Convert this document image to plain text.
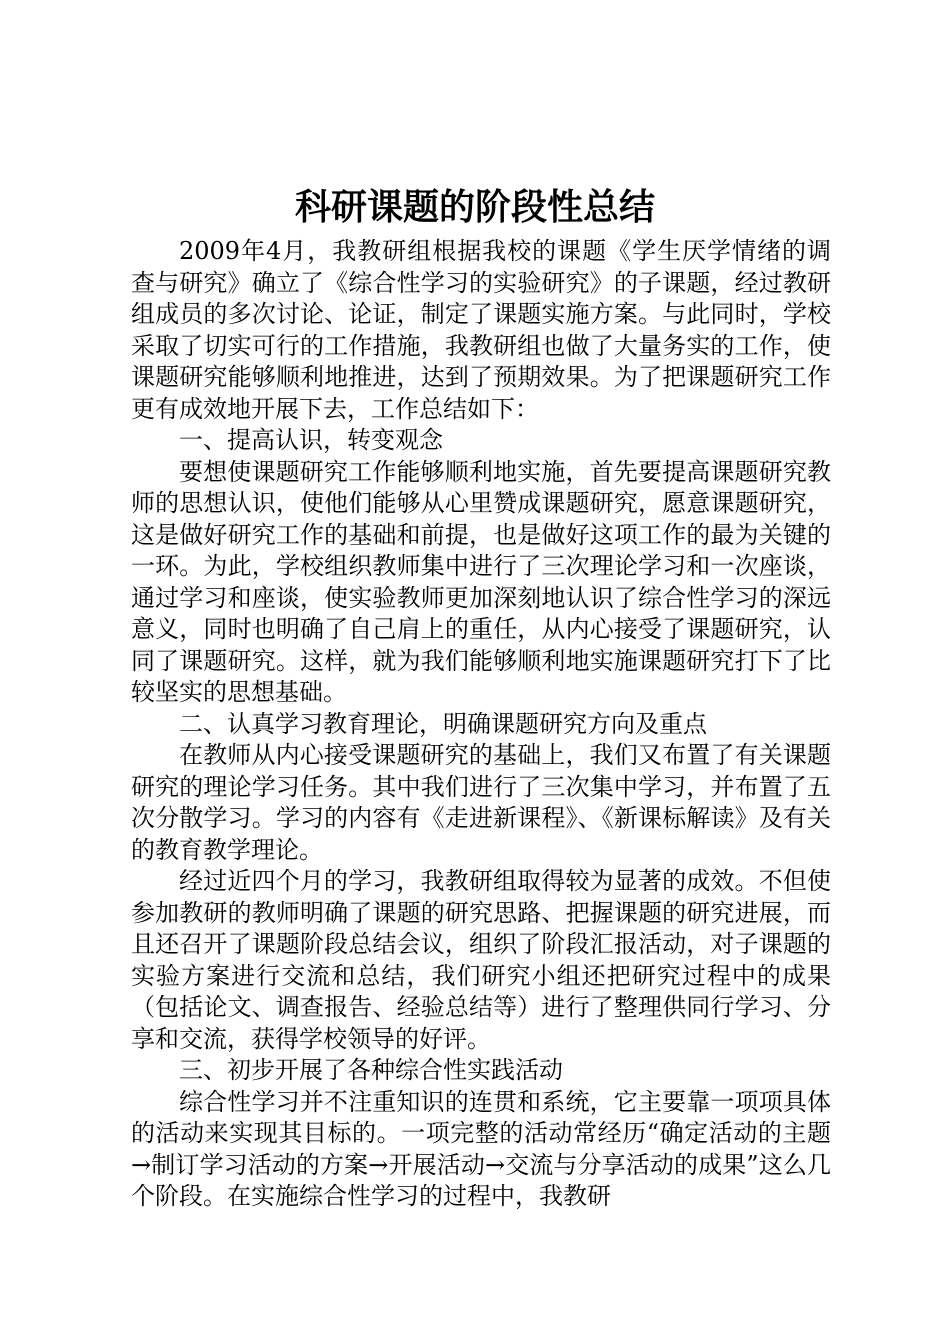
科研课题的阶段性总结

2009年4月，我教研组根据我校的课题《学生厌学情绪的调查与研究》确立了《综合性学习的实验研究》的子课题，经过教研组成员的多次讨论、论证，制定了课题实施方案。与此同时，学校采取了切实可行的工作措施，我教研组也做了大量务实的工作，使课题研究能够顺利地推进，达到了预期效果。为了把课题研究工作更有成效地开展下去，工作总结如下：

一、提高认识，转变观念

要想使课题研究工作能够顺利地实施，首先要提高课题研究教师的思想认识，使他们能够从心里赞成课题研究，愿意课题研究，这是做好研究工作的基础和前提，也是做好这项工作的最为关键的一环。为此，学校组织教师集中进行了三次理论学习和一次座谈，通过学习和座谈，使实验教师更加深刻地认识了综合性学习的深远意义，同时也明确了自己肩上的重任，从内心接受了课题研究，认同了课题研究。这样，就为我们能够顺利地实施课题研究打下了比较坚实的思想基础。

二、认真学习教育理论，明确课题研究方向及重点

在教师从内心接受课题研究的基础上，我们又布置了有关课题研究的理论学习任务。其中我们进行了三次集中学习，并布置了五次分散学习。学习的内容有《走进新课程》、《新课标解读》及有关的教育教学理论。

经过近四个月的学习，我教研组取得较为显著的成效。不但使参加教研的教师明确了课题的研究思路、把握课题的研究进展，而且还召开了课题阶段总结会议，组织了阶段汇报活动，对子课题的实验方案进行交流和总结，我们研究小组还把研究过程中的成果（包括论文、调查报告、经验总结等）进行了整理供同行学习、分享和交流，获得学校领导的好评。

三、初步开展了各种综合性实践活动

综合性学习并不注重知识的连贯和系统，它主要靠一项项具体的活动来实现其目标的。一项完整的活动常经历“确定活动的主题→制订学习活动的方案→开展活动→交流与分享活动的成果”这么几个阶段。在实施综合性学习的过程中，我教研
